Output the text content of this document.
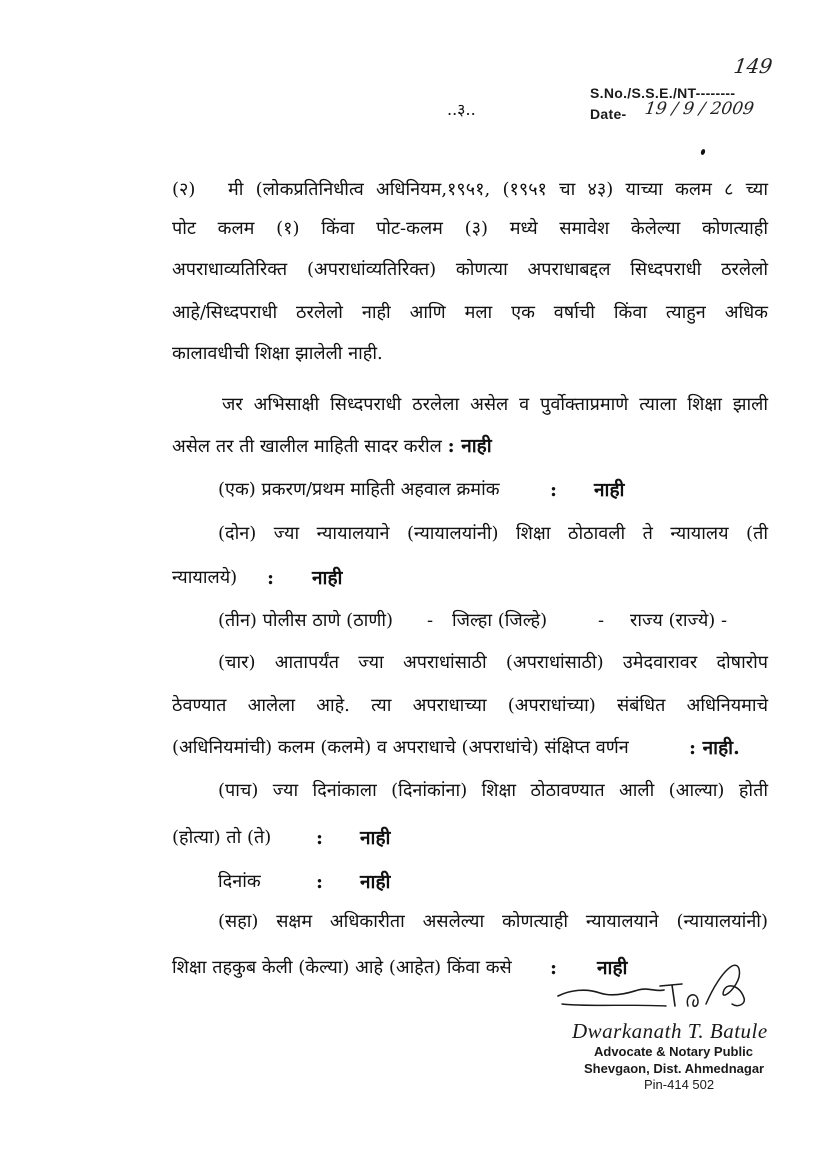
149
S.No./S.S.E./NT--------
Date- 19 / 9 / 2009
..३..
(२) मी (लोकप्रतिनिधीत्व अधिनियम,१९५१, (१९५१ चा ४३) याच्या कलम ८ च्या
पोट कलम (१) किंवा पोट-कलम (३) मध्ये समावेश केलेल्या कोणत्याही
अपराधाव्यतिरिक्त (अपराधांव्यतिरिक्त) कोणत्या अपराधाबद्दल सिध्दपराधी ठरलेलो
आहे/सिध्दपराधी ठरलेलो नाही आणि मला एक वर्षाची किंवा त्याहुन अधिक
कालावधीची शिक्षा झालेली नाही.
जर अभिसाक्षी सिध्दपराधी ठरलेला असेल व पुर्वोक्ताप्रमाणे त्याला शिक्षा झाली
असेल तर ती खालील माहिती सादर करील : नाही
(एक) प्रकरण/प्रथम माहिती अहवाल क्रमांक	: नाही
(दोन) ज्या न्यायालयाने (न्यायालयांनी) शिक्षा ठोठावली ते न्यायालय (ती
न्यायालये) : नाही
(तीन) पोलीस ठाणे (ठाणी) - जिल्हा (जिल्हे)	- राज्य (राज्ये) -
(चार) आतापर्यंत ज्या अपराधांसाठी (अपराधांसाठी) उमेदवारावर दोषारोप
ठेवण्यात आलेला आहे. त्या अपराधाच्या (अपराधांच्या) संबंधित अधिनियमाचे
(अधिनियमांची) कलम (कलमे) व अपराधाचे (अपराधांचे) संक्षिप्त वर्णन	: नाही.
(पाच) ज्या दिनांकाला (दिनांकांना) शिक्षा ठोठावण्यात आली (आल्या) होती
(होत्या) तो (ते) : नाही
दिनांक	: नाही
(सहा) सक्षम अधिकारीता असलेल्या कोणत्याही न्यायालयाने (न्यायालयांनी)
शिक्षा तहकुब केली (केल्या) आहे (आहेत) किंवा कसे : नाही
Dwarkanath T. Batule
Advocate & Notary Public
Shevgaon, Dist. Ahmednagar
Pin-414 502
